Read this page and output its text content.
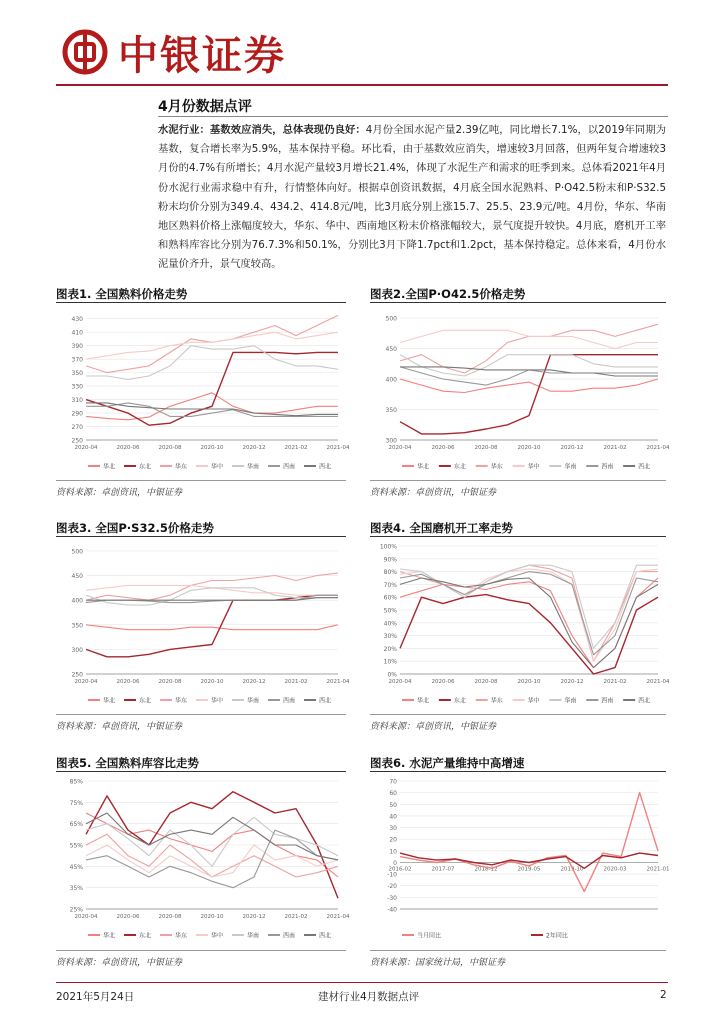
中银证券
4月份数据点评
水泥行业：基数效应消失，总体表现仍良好：4月份全国水泥产量2.39亿吨，同比增长7.1%，以2019年同期为基数，复合增长率为5.9%，基本保持平稳。环比看，由于基数效应消失，增速较3月回落，但两年复合增速较3月份的4.7%有所增长；4月水泥产量较3月增长21.4%，体现了水泥生产和需求的旺季到来。总体看2021年4月份水泥行业需求稳中有升，行情整体向好。根据卓创资讯数据，4月底全国水泥熟料、P·O42.5粉末和P·S32.5粉末均价分别为349.4、434.2、414.8元/吨，比3月底分别上涨15.7、25.5、23.9元/吨。4月份，华东、华南地区熟料价格上涨幅度较大，华东、华中、西南地区粉末价格涨幅较大，景气度提升较快。4月底，磨机开工率和熟料库容比分别为76.7.3%和50.1%，分别比3月下降1.7pct和1.2pct，基本保持稳定。总体来看，4月份水泥量价齐升，景气度较高。
图表1. 全国熟料价格走势	图表2.全国P·O42.5价格走势
250
270
290
310
330
350
370
390
410
430
2020-04	2020-06	2020-08	2020-10	2020-12	2021-02	2021-04
华北	东北	华东	华中	华南	西南	西北
300
350
400
450
500
2020-04	2020-06	2020-08	2020-10	2020-12	2021-02	2021-04
华北	东北	华东	华中	华南	西南	西北
资料来源：卓创资讯，中银证券	资料来源：卓创资讯，中银证券
图表3. 全国P·S32.5价格走势	图表4. 全国磨机开工率走势
250
300
350
400
450
500
2020-04	2020-06	2020-08	2020-10	2020-12	2021-02	2021-04
华北	东北	华东	华中	华南	西南	西北
0%
10%
20%
30%
40%
50%
60%
70%
80%
90%
100%
2020-04	2020-06	2020-08	2020-10	2020-12	2021-02	2021-04
华北	东北	华东	华中	华南	西南	西北
资料来源：卓创资讯，中银证券	资料来源：卓创资讯，中银证券
图表5. 全国熟料库容比走势	图表6. 水泥产量维持中高增速
25%
35%
45%
55%
65%
75%
85%
2020-04	2020-06	2020-08	2020-10	2020-12	2021-02	2021-04
华北	东北	华东	华中	华南	西南	西北
-40
-30
-20
-10
0
10
20
30
40
50
60
70
2016-02	2017-07	2018-12	2019-05	2019-10	2020-03	2021-01
当月同比	2年同比
资料来源：卓创资讯，中银证券	资料来源：国家统计局，中银证券
2021年5月24日	建材行业4月数据点评	2
